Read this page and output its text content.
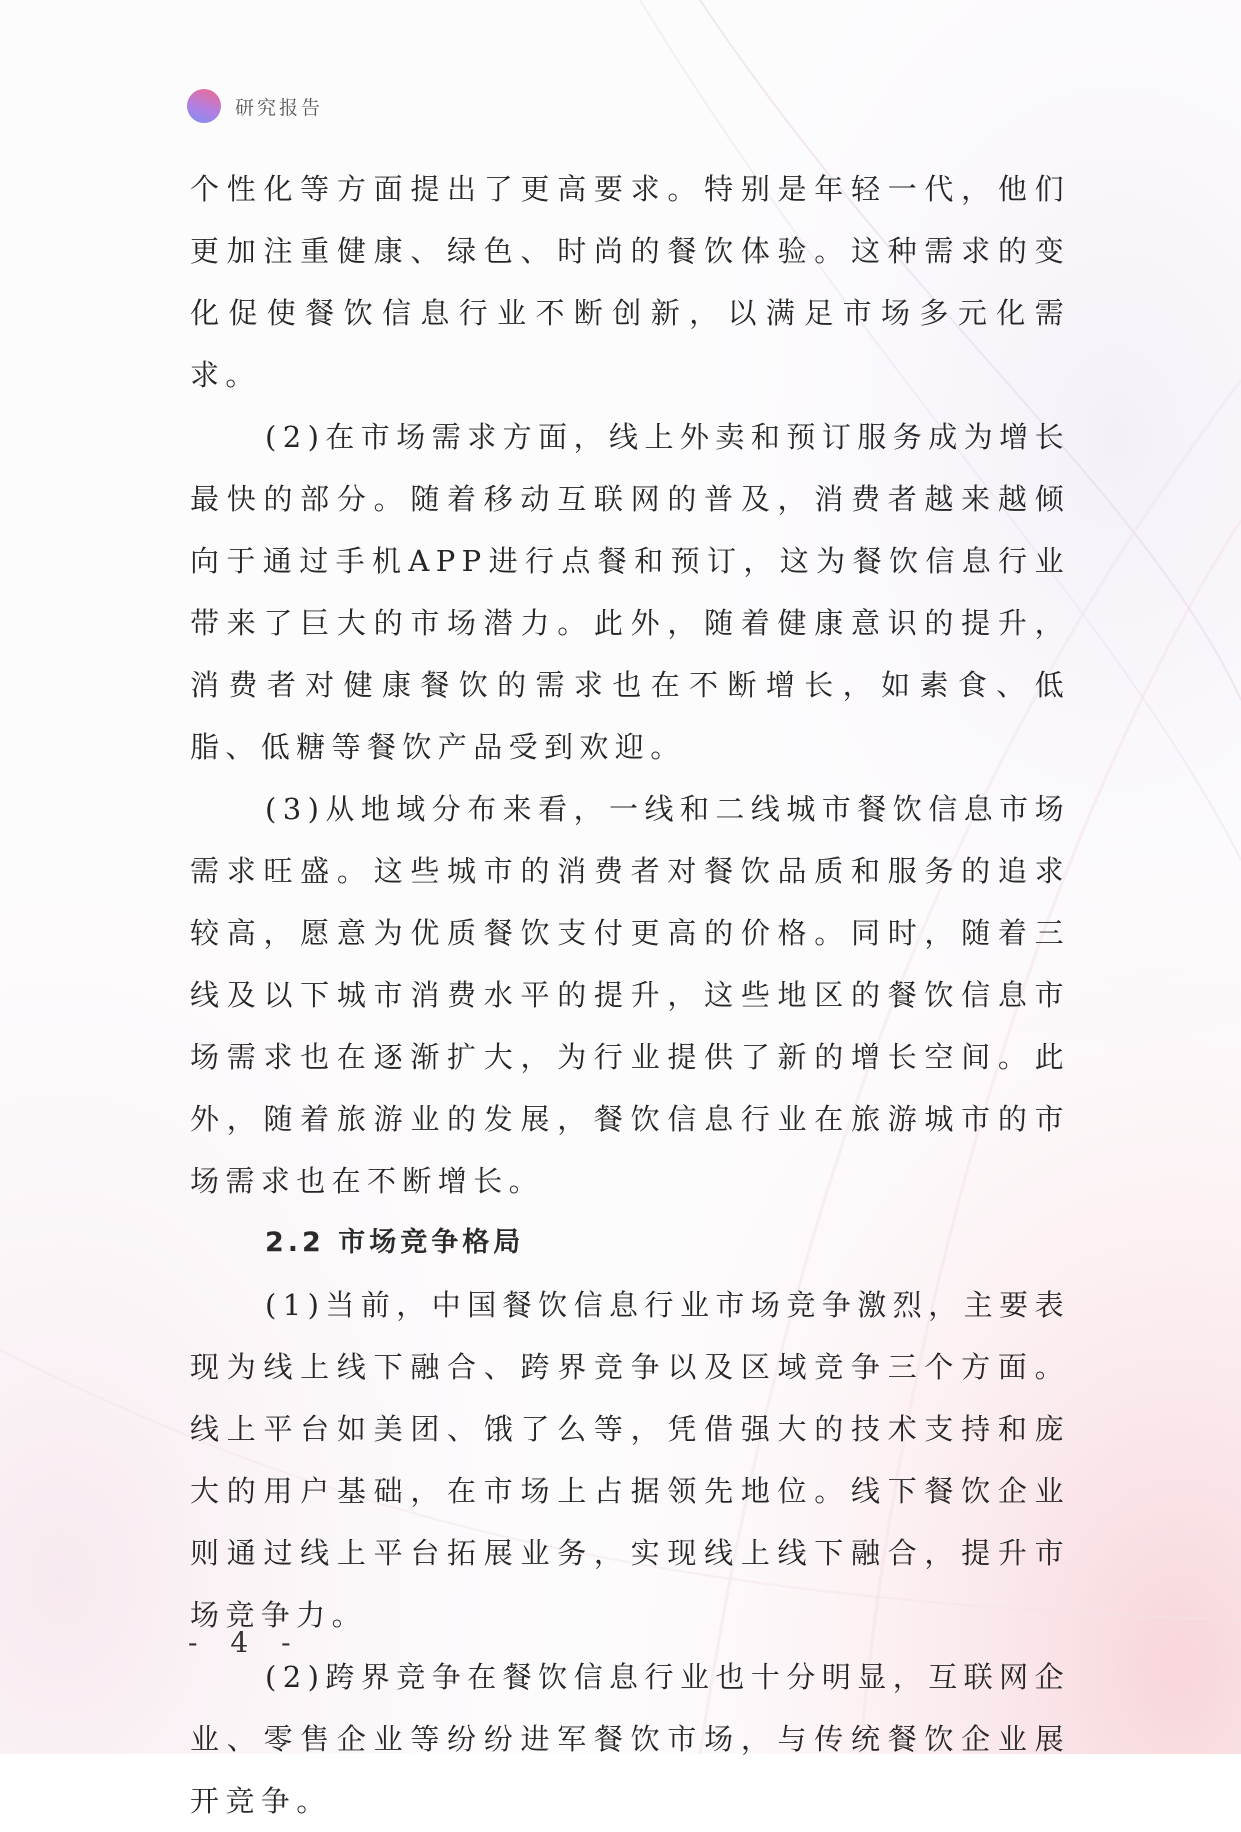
研究报告

个性化等方面提出了更高要求。特别是年轻一代，他们更加注重健康、绿色、时尚的餐饮体验。这种需求的变化促使餐饮信息行业不断创新，以满足市场多元化需求。

(2)在市场需求方面，线上外卖和预订服务成为增长最快的部分。随着移动互联网的普及，消费者越来越倾向于通过手机APP进行点餐和预订，这为餐饮信息行业带来了巨大的市场潜力。此外，随着健康意识的提升，消费者对健康餐饮的需求也在不断增长，如素食、低脂、低糖等餐饮产品受到欢迎。

(3)从地域分布来看，一线和二线城市餐饮信息市场需求旺盛。这些城市的消费者对餐饮品质和服务的追求较高，愿意为优质餐饮支付更高的价格。同时，随着三线及以下城市消费水平的提升，这些地区的餐饮信息市场需求也在逐渐扩大，为行业提供了新的增长空间。此外，随着旅游业的发展，餐饮信息行业在旅游城市的市场需求也在不断增长。

2.2 市场竞争格局

(1)当前，中国餐饮信息行业市场竞争激烈，主要表现为线上线下融合、跨界竞争以及区域竞争三个方面。线上平台如美团、饿了么等，凭借强大的技术支持和庞大的用户基础，在市场上占据领先地位。线下餐饮企业则通过线上平台拓展业务，实现线上线下融合，提升市场竞争力。

(2)跨界竞争在餐饮信息行业也十分明显，互联网企业、零售企业等纷纷进军餐饮市场，与传统餐饮企业展开竞争。

- 4 -
